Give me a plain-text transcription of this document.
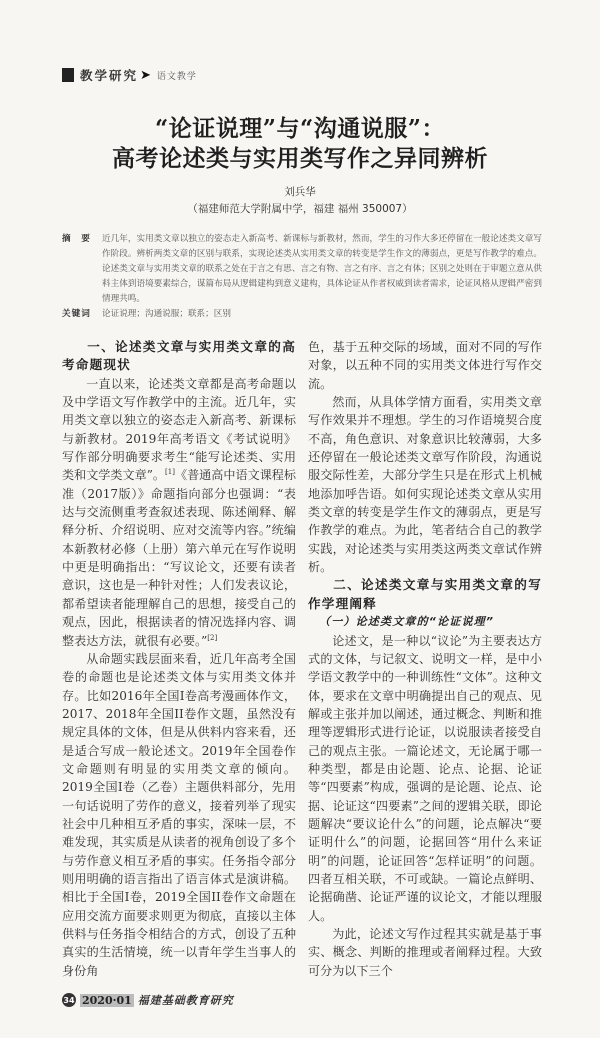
教学研究 ➤ 语文教学
“论证说理”与“沟通说服”：
高考论述类与实用类写作之异同辨析
刘兵华
（福建师范大学附属中学，福建 福州 350007）
摘　要	近几年，实用类文章以独立的姿态走入新高考、新课标与新教材，然而，学生的习作大多还停留在一般论述类文章写作阶段。辨析两类文章的区别与联系，实现论述类从实用类文章的转变是学生作文的薄弱点，更是写作教学的难点。论述类文章与实用类文章的联系之处在于言之有思、言之有物、言之有序、言之有体；区别之处则在于审题立意从供料主体到语境要素综合，谋篇布局从逻辑建构到意义建构，具体论证从作者权威到读者需求，论证风格从逻辑严密到情理共鸣。
关键词	论证说理；沟通说服；联系；区别
一、论述类文章与实用类文章的高考命题现状

一直以来，论述类文章都是高考命题以及中学语文写作教学中的主流。近几年，实用类文章以独立的姿态走入新高考、新课标与新教材。2019年高考语文《考试说明》写作部分明确要求考生“能写论述类、实用类和文学类文章”。[1]《普通高中语文课程标准（2017版）》命题指向部分也强调：“表达与交流侧重考查叙述表现、陈述阐释、解释分析、介绍说明、应对交流等内容。”统编本新教材必修（上册）第六单元在写作说明中更是明确指出：“写议论文，还要有读者意识，这也是一种针对性；人们发表议论，都希望读者能理解自己的思想，接受自己的观点，因此，根据读者的情况选择内容、调整表达方法，就很有必要。”[2]

从命题实践层面来看，近几年高考全国卷的命题也是论述类文体与实用类文体并存。比如2016年全国I卷高考漫画体作文，2017、2018年全国II卷作文题，虽然没有规定具体的文体，但是从供料内容来看，还是适合写成一般论述文。2019年全国卷作文命题则有明显的实用类文章的倾向。2019全国I卷（乙卷）主题供料部分，先用一句话说明了劳作的意义，接着列举了现实社会中几种相互矛盾的事实，深味一层，不难发现，其实质是从读者的视角创设了多个与劳作意义相互矛盾的事实。任务指令部分则用明确的语言指出了语言体式是演讲稿。相比于全国I卷，2019全国II卷作文命题在应用交流方面要求则更为彻底，直接以主体供料与任务指令相结合的方式，创设了五种真实的生活情境，统一以青年学生当事人的身份角

色，基于五种交际的场域，面对不同的写作对象，以五种不同的实用类文体进行写作交流。

然而，从具体学情方面看，实用类文章写作效果并不理想。学生的习作语境契合度不高，角色意识、对象意识比较薄弱，大多还停留在一般论述类文章写作阶段，沟通说服交际性差，大部分学生只是在形式上机械地添加呼告语。如何实现论述类文章从实用类文章的转变是学生作文的薄弱点，更是写作教学的难点。为此，笔者结合自己的教学实践，对论述类与实用类这两类文章试作辨析。

二、论述类文章与实用类文章的写作学理阐释
（一）论述类文章的“论证说理”

论述文，是一种以“议论”为主要表达方式的文体，与记叙文、说明文一样，是中小学语文教学中的一种训练性“文体”。这种文体，要求在文章中明确提出自己的观点、见解或主张并加以阐述，通过概念、判断和推理等逻辑形式进行论证，以说服读者接受自己的观点主张。一篇论述文，无论属于哪一种类型，都是由论题、论点、论据、论证等“四要素”构成，强调的是论题、论点、论据、论证这“四要素”之间的逻辑关联，即论题解决“要议论什么”的问题，论点解决“要证明什么”的问题，论据回答“用什么来证明”的问题，论证回答“怎样证明”的问题。四者互相关联，不可或缺。一篇论点鲜明、论据确凿、论证严谨的议论文，才能以理服人。

为此，论述文写作过程其实就是基于事实、概念、判断的推理或者阐释过程。大致可分为以下三个

34 2020·01 福建基础教育研究
